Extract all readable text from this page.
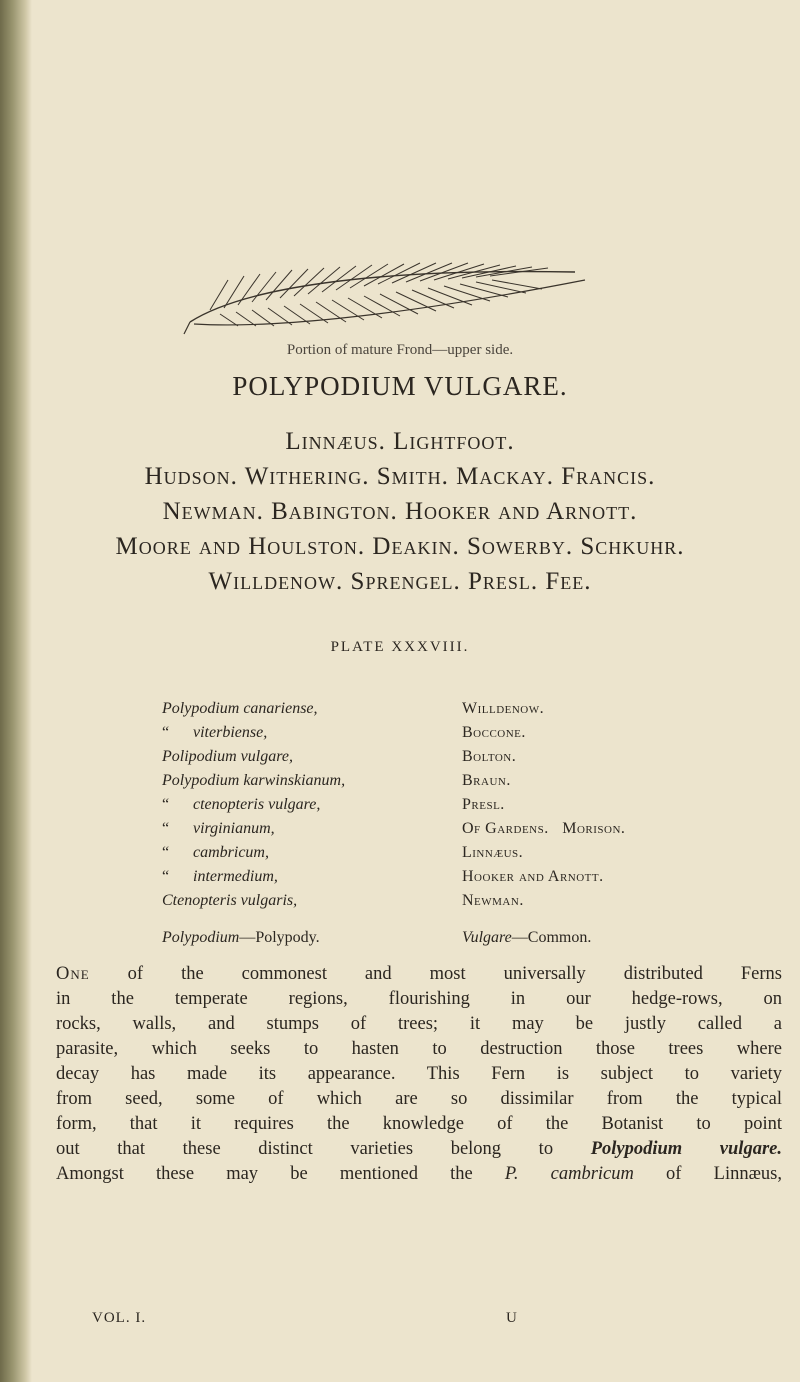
Portion of mature Frond—upper side.
POLYPODIUM VULGARE.
Linnæus. Lightfoot.
Hudson. Withering. Smith. Mackay. Francis.
Newman. Babington. Hooker and Arnott.
Moore and Houlston. Deakin. Sowerby. Schkuhr.
Willdenow. Sprengel. Presl. Fee.
PLATE XXXVIII.
Polypodium canariense,	Willdenow.
“ viterbiense,	Boccone.
Polipodium vulgare,	Bolton.
Polypodium karwinskianum,	Braun.
“ ctenopteris vulgare,	Presl.
“ virginianum,	Of Gardens.   Morison.
“ cambricum,	Linnæus.
“ intermedium,	Hooker and Arnott.
Ctenopteris vulgaris,	Newman.
Polypodium—Polypody.	Vulgare—Common.
One of the commonest and most universally distributed Ferns
in the temperate regions, flourishing in our hedge-rows, on
rocks, walls, and stumps of trees; it may be justly called a
parasite, which seeks to hasten to destruction those trees where
decay has made its appearance. This Fern is subject to variety
from seed, some of which are so dissimilar from the typical
form, that it requires the knowledge of the Botanist to point
out that these distinct varieties belong to Polypodium vulgare.
Amongst these may be mentioned the P. cambricum of Linnæus,
VOL. I.	U
